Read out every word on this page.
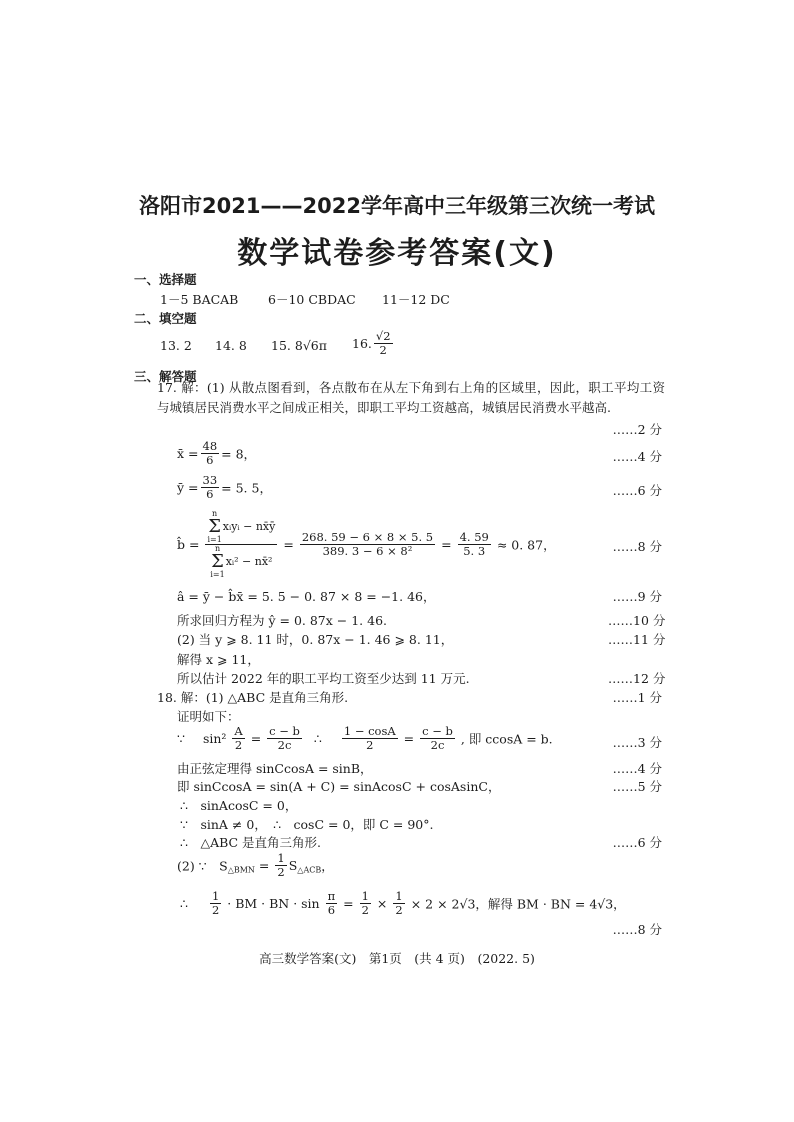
洛阳市2021——2022学年高中三年级第三次统一考试
数学试卷参考答案(文)
一、选择题
1－5 BACAB 6－10 CBDAC 11－12 DC
二、填空题
13. 2 14. 8 15. 8√6π 16. $\frac{√2}{2}$
三、解答题
17. 解：(1) 从散点图看到，各点散布在从左下角到右上角的区域里，因此，职工平均工资与城镇居民消费水平之间成正相关，即职工平均工资越高，城镇居民消费水平越高.
……2 分
x̄ = $\frac{48}{6} = 8$，	……4 分
ȳ = $\frac{33}{6} = 5$. 5，	……6 分
b̂ = n
Σ
i=1
xᵢyᵢ − nx̄ȳ
n
Σ
i=1
xᵢ² − nx̄² = $\frac{268. 59 - 6 \times 8 \times 5. 5}{\text{389. 3 − 6 × 8²}} = \frac{4. 59}{5. 3} \approx 0$. 87，	……8 分
â = ȳ − b̂x̄ = 5. 5 − 0. 87 × 8 = −1. 46，	……9 分
所求回归方程为 ŷ = 0. 87x − 1. 46.	……10 分
(2) 当 y ⩾ 8. 11 时，0. 87x − 1. 46 ⩾ 8. 11，	……11 分
解得 x ⩾ 11，
所以估计 2022 年的职工平均工资至少达到 11 万元.	……12 分
18. 解：(1) △ABC 是直角三角形.	……1 分
证明如下：
∵ $\sin^2 \frac{A}{2} = \frac{c - b}{2c}$ ∴ $\frac{1 - \cos A}{2} = \frac{c - b}{2c}$ , 即 ccosA = b.	……3 分
由正弦定理得 sinCcosA = sinB，	……4 分
即 sinCcosA = sin(A + C) = sinAcosC + cosAsinC，	……5 分
∴　sinAcosC = 0，
∵　sinA ≠ 0，　∴　cosC = 0，即 C = 90°.
∴　△ABC 是直角三角形.	……6 分
(2) ∵　$S_{\triangle BMN} = \frac{1}{2} S_{\triangle ACB}$，
∴ $\frac{1}{2}$ · BM · BN · $\sin \frac{\pi}{6} = \frac{1}{2} \times \frac{1}{2} \times 2 \times 2√3$，解得 BM · BN = 4√3，
……8 分
高三数学答案(文)　第1页　(共 4 页)　(2022. 5)
